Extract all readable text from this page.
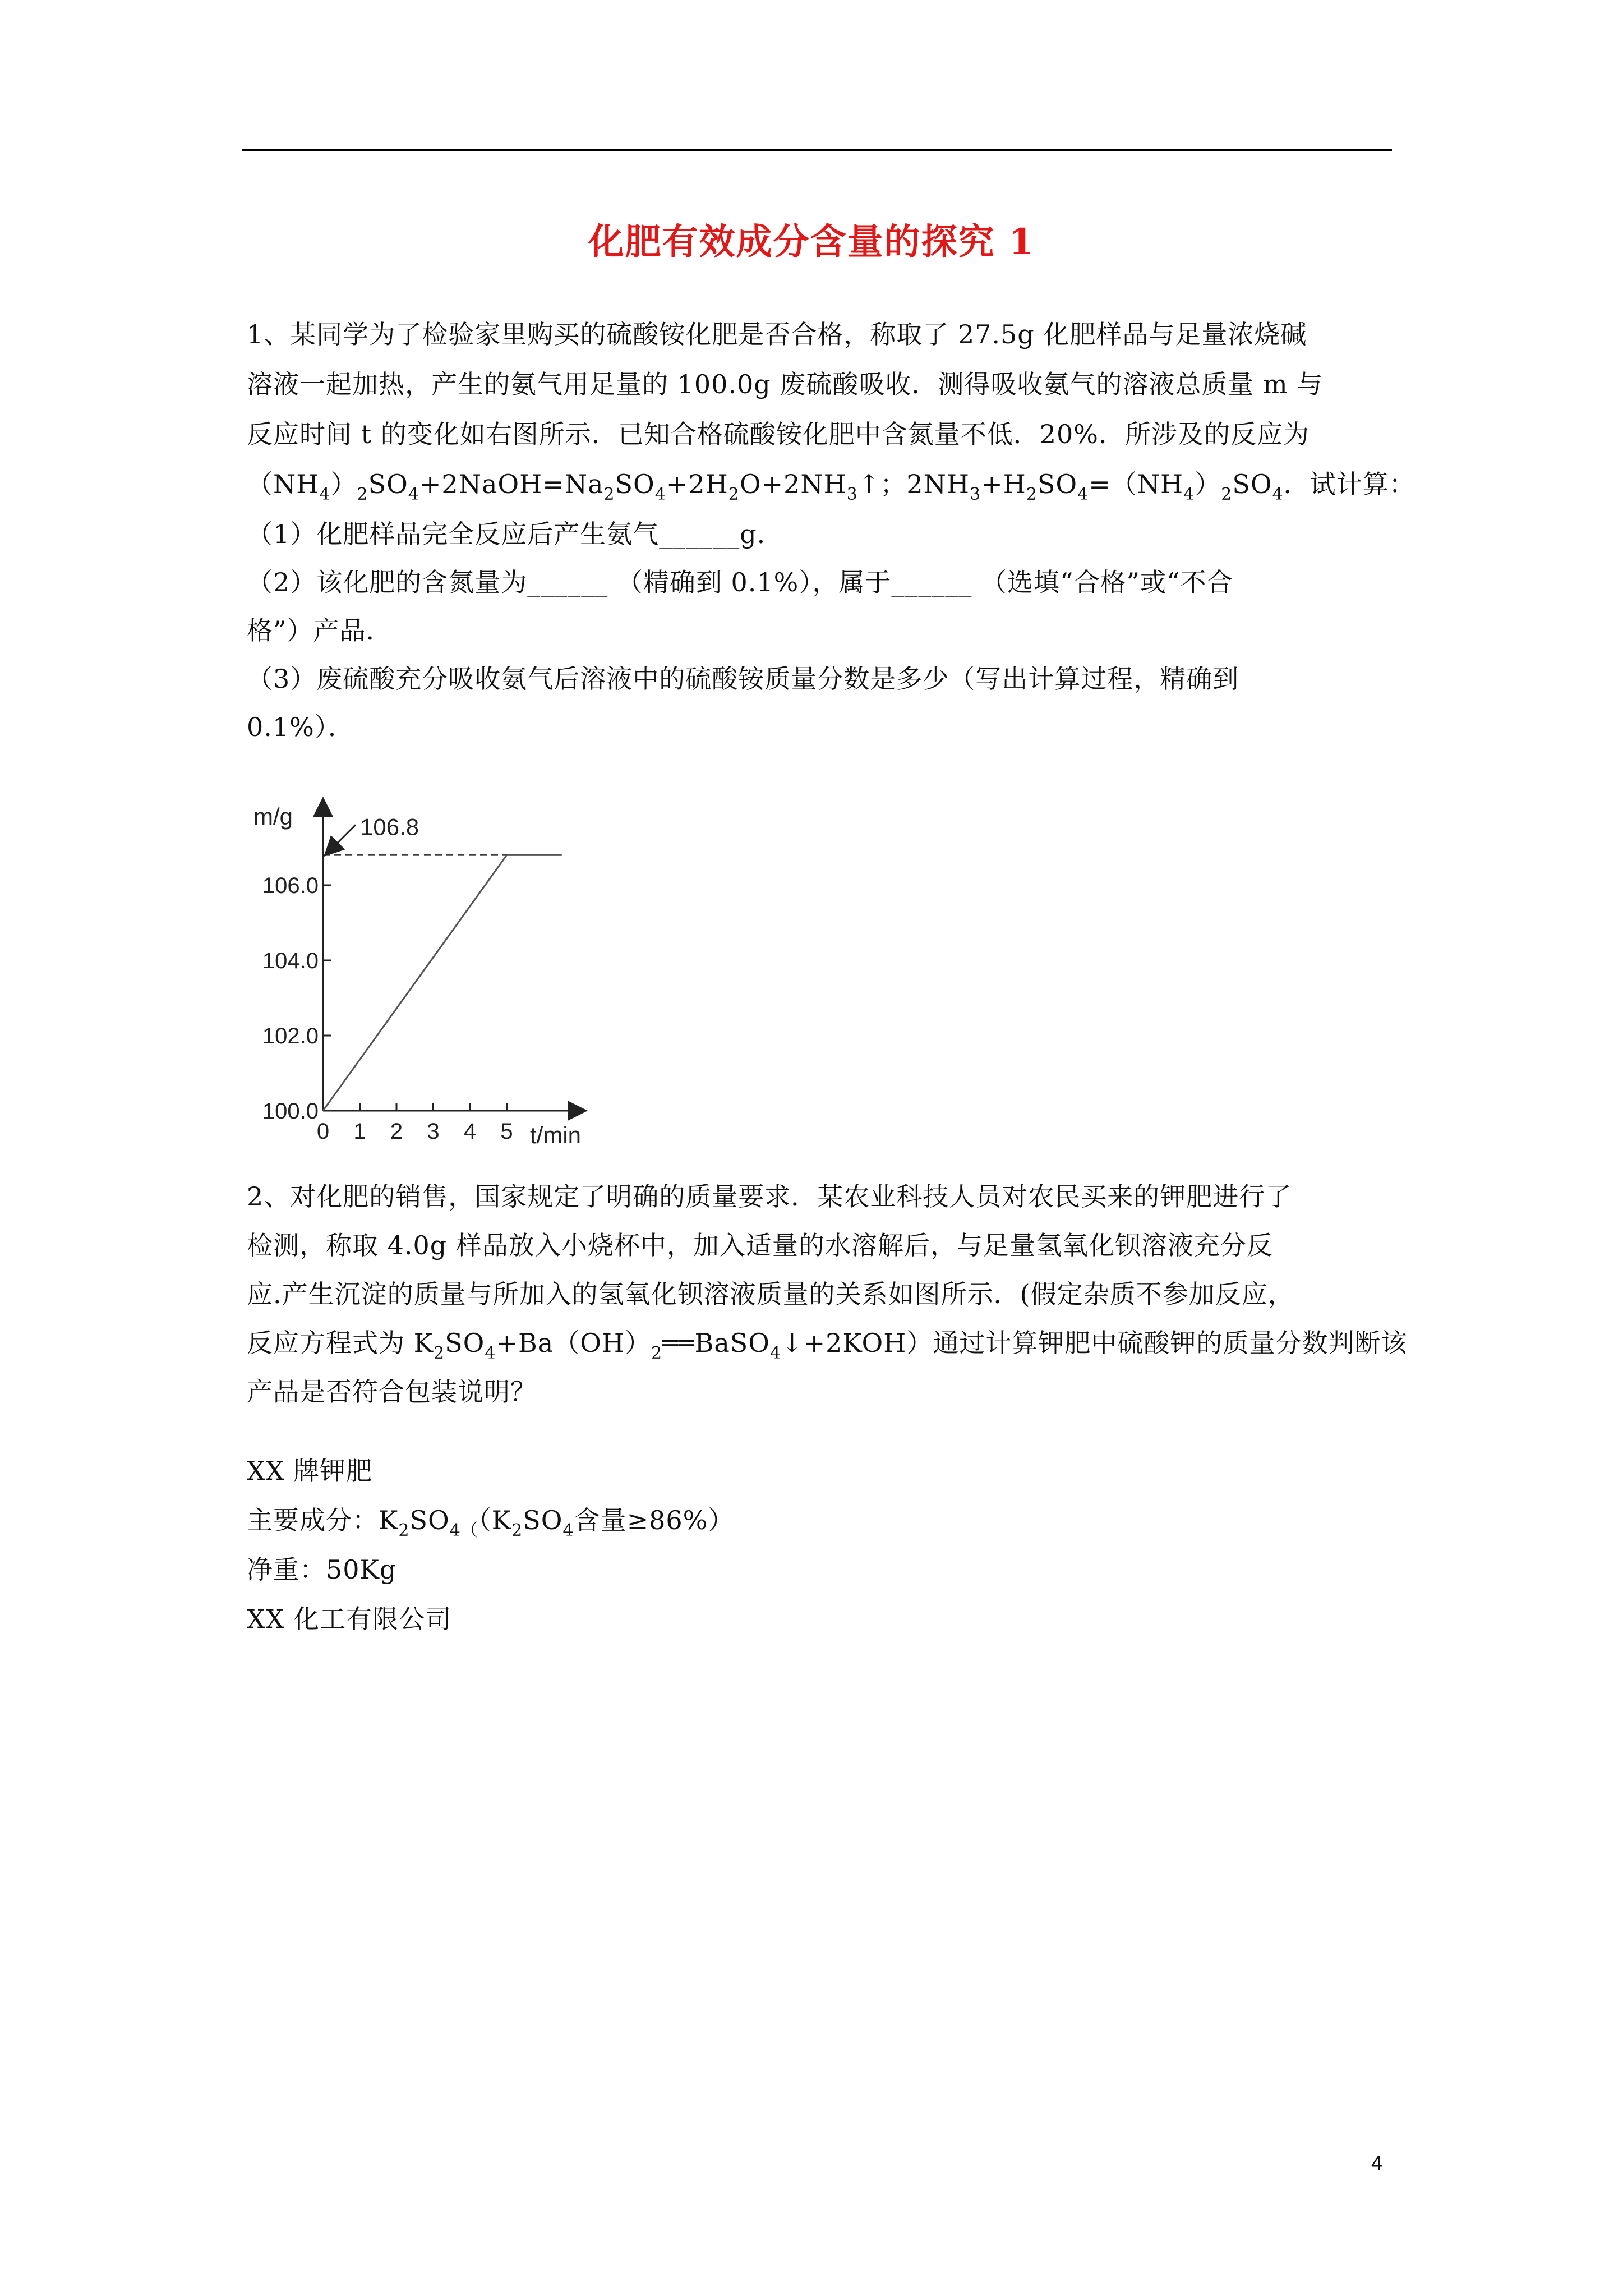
化肥有效成分含量的探究 1
1、某同学为了检验家里购买的硫酸铵化肥是否合格，称取了 27.5g 化肥样品与足量浓烧碱
溶液一起加热，产生的氨气用足量的 100.0g 废硫酸吸收．测得吸收氨气的溶液总质量 m 与
反应时间 t 的变化如右图所示．已知合格硫酸铵化肥中含氮量不低．20%．所涉及的反应为
$(NH_4)_2SO_4+2NaOH=Na_2SO_4+2H_2O+2NH_3↑$；$2NH_3+H_2SO_4=(NH_4)_2SO_4$．试计算：
（1）化肥样品完全反应后产生氨气______g．
（2）该化肥的含氮量为______ （精确到 0.1%），属于______ （选填“合格”或“不合
格”）产品．
（3）废硫酸充分吸收氨气后溶液中的硫酸铵质量分数是多少（写出计算过程，精确到
0.1%）．
m/g
t/min
100.0
102.0
104.0
106.0
0 1 2 3 4 5
106.8
2、对化肥的销售，国家规定了明确的质量要求．某农业科技人员对农民买来的钾肥进行了
检测，称取 4.0g 样品放入小烧杯中，加入适量的水溶解后，与足量氢氧化钡溶液充分反
应.产生沉淀的质量与所加入的氢氧化钡溶液质量的关系如图所示．(假定杂质不参加反应，
反应方程式为 $K_2SO_4+Ba(OH)_2══BaSO_4↓+2KOH$）通过计算钾肥中硫酸钾的质量分数判断该
产品是否符合包装说明？
XX 牌钾肥
主要成分：$K_2SO_{4(}(K_2SO_4$含量≥86%）
净重：50Kg
XX 化工有限公司
4
